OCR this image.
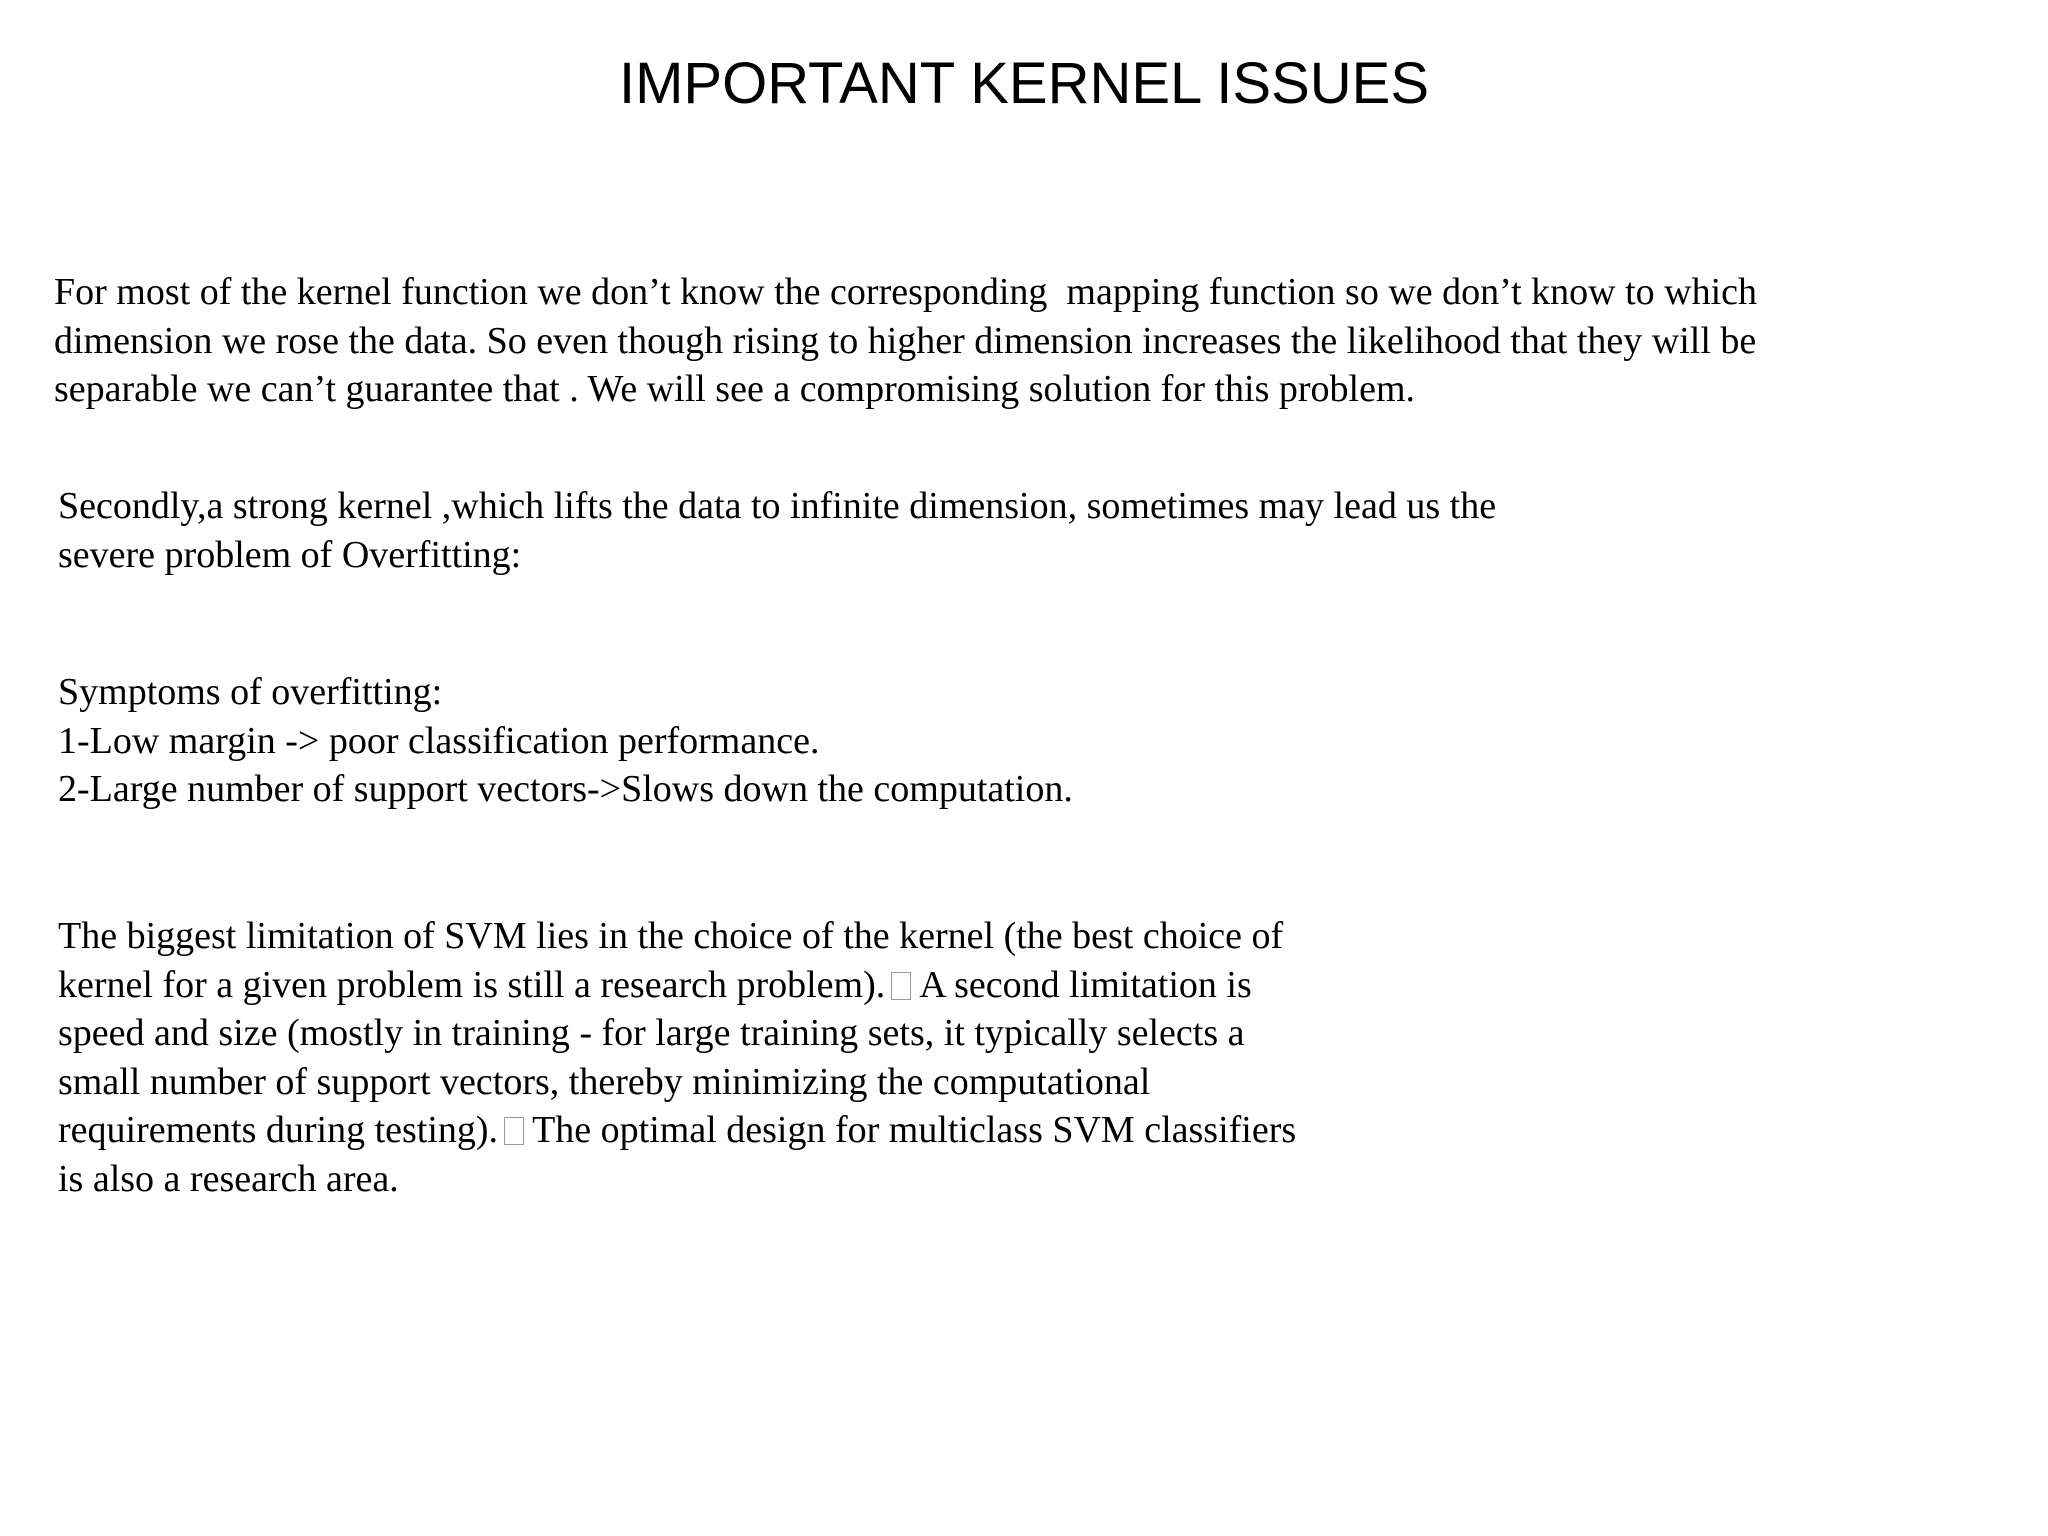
IMPORTANT KERNEL ISSUES
For most of the kernel function we don’t know the corresponding  mapping function so we don’t know to which
dimension we rose the data. So even though rising to higher dimension increases the likelihood that they will be
separable we can’t guarantee that . We will see a compromising solution for this problem.
Secondly,a strong kernel ,which lifts the data to infinite dimension, sometimes may lead us the
severe problem of Overfitting:
Symptoms of overfitting:
1-Low margin -> poor classification performance.
2-Large number of support vectors->Slows down the computation.
The biggest limitation of SVM lies in the choice of the kernel (the best choice of
kernel for a given problem is still a research problem). A second limitation is
speed and size (mostly in training - for large training sets, it typically selects a
small number of support vectors, thereby minimizing the computational
requirements during testing). The optimal design for multiclass SVM classifiers
is also a research area.
